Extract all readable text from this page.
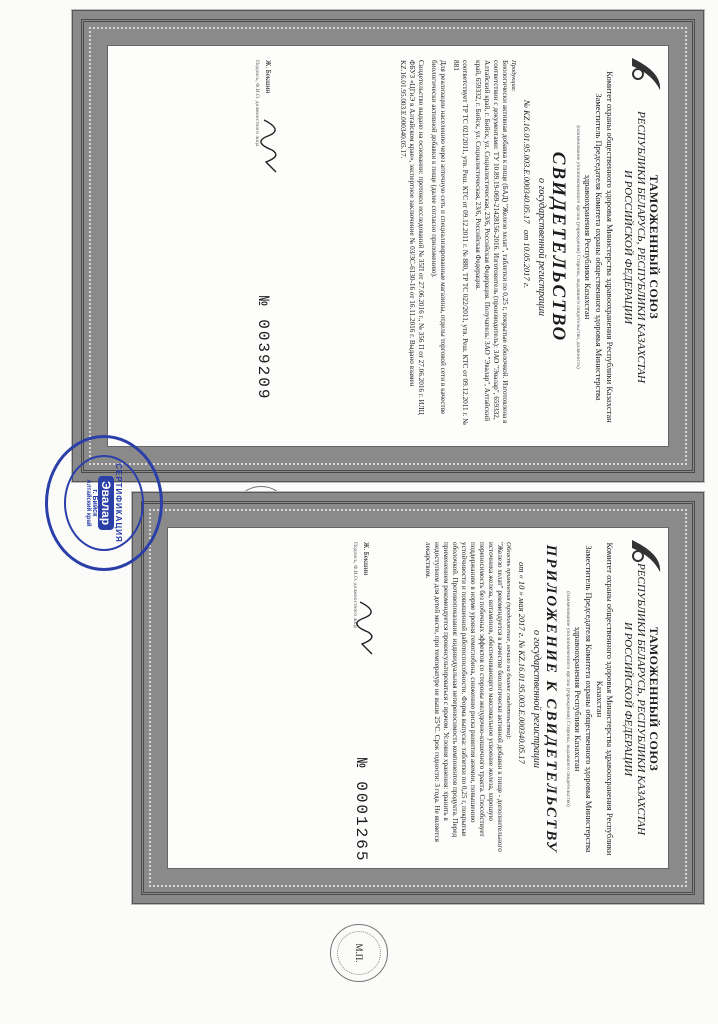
ТАМОЖЕННЫЙ СОЮЗ
РЕСПУБЛИКИ БЕЛАРУСЬ, РЕСПУБЛИКИ КАЗАХСТАН
И РОССИЙСКОЙ ФЕДЕРАЦИИ
Комитет охраны общественного здоровья Министерства здравоохранения Республики Казахстан
Заместитель Председателя Комитета охраны общественного здоровья Министерства
здравоохранения Республики Казахстан
(наименование уполномоченного органа (учреждения) Стороны, выдавшего свидетельство, должность)
СВИДЕТЕЛЬСТВО
о государственной регистрации
№ KZ.16.01.95.003.Е.000340.05.17   от 10.05.2017 г.
Продукция:
Биологически активная добавка к пище (БАД) "Железо хелат", таблетки по 0,25 г, покрытые оболочкой. Изготовлена в соответствии с документами: ТУ 10.89.19-069-21428156-2016. Изготовитель (производитель): ЗАО "Эвалар", 659332, Алтайский край, г. Бийск, ул. Социалистическая, 23/6, Российская Федерация. Получатель: ЗАО "Эвалар", Алтайский край, 659332, г. Бийск, ул. Социалистическая, 23/6, Российская Федерация.
соответствует ТР ТС 021/2011, утв. Реш. КТС от 09.12.2011 г. № 880, ТР ТС 022/2011, утв. Реш. КТС от 09.12.2011 г. № 881
Для реализации населению через аптечную сеть и специализированные магазины, отделы торговой сети в качестве биологически активной добавки к пище (далее согласно приложению).
Свидетельство выдано на основании: протокол исследований № 35П от 27.06.2016 г., № 356 П от 27.06.2016 г. ИЛЦ ФБУЗ «ЦГиЭ в Алтайском крае», экспертное заключение № 03/3С-6130-16 от 16.11.2016 г. Выдано взамен KZ.16.01.95.003.Е.000340.05.17.
Ж. Бекшин
Подпись, Ф.И.О. должностного лица
№ 0039209
ТАМОЖЕННЫЙ СОЮЗ
РЕСПУБЛИКИ БЕЛАРУСЬ, РЕСПУБЛИКИ КАЗАХСТАН
И РОССИЙСКОЙ ФЕДЕРАЦИИ
Комитет охраны общественного здоровья Министерства здравоохранения Республики Казахстан
Заместитель Председателя Комитета охраны общественного здоровья Министерства
здравоохранения Республики Казахстан
(наименование уполномоченного органа (учреждения) Стороны, выдавшего свидетельство)
ПРИЛОЖЕНИЕ К СВИДЕТЕЛЬСТВУ
о государственной регистрации
от « 10 » мая 2017 г. № KZ.16.01.95.003.Е.000340.05.17
Область применения (продолжение, начало на бланке свидетельства):
"Железо хелат" рекомендуется в качестве биологически активной добавки к пище - дополнительного источника железа, витаминов, обеспечивающего максимальное усвоение железа, хорошую переносимость без побочных эффектов со стороны желудочно-кишечного тракта. Способствует поддержанию в норме уровня гемоглобина, снижению риска развития анемии, повышению устойчивости и повышенной работоспособности. Форма выпуска: таблетки по 0,25 г, покрытые оболочкой. Противопоказания: индивидуальная непереносимость компонентов продукта. Перед применением рекомендуется проконсультироваться с врачом. Условия хранения: хранить в недоступном для детей месте, при температуре не выше 25°С. Срок годности: 3 года. Не является лекарством.
Ж. Бекшин
Подпись, Ф.И.О. должностного лица
М.П.
№ 0001265
СЕРТИФИКАЦИЯ
Эвалар
г. Бийск
Алтайский край
